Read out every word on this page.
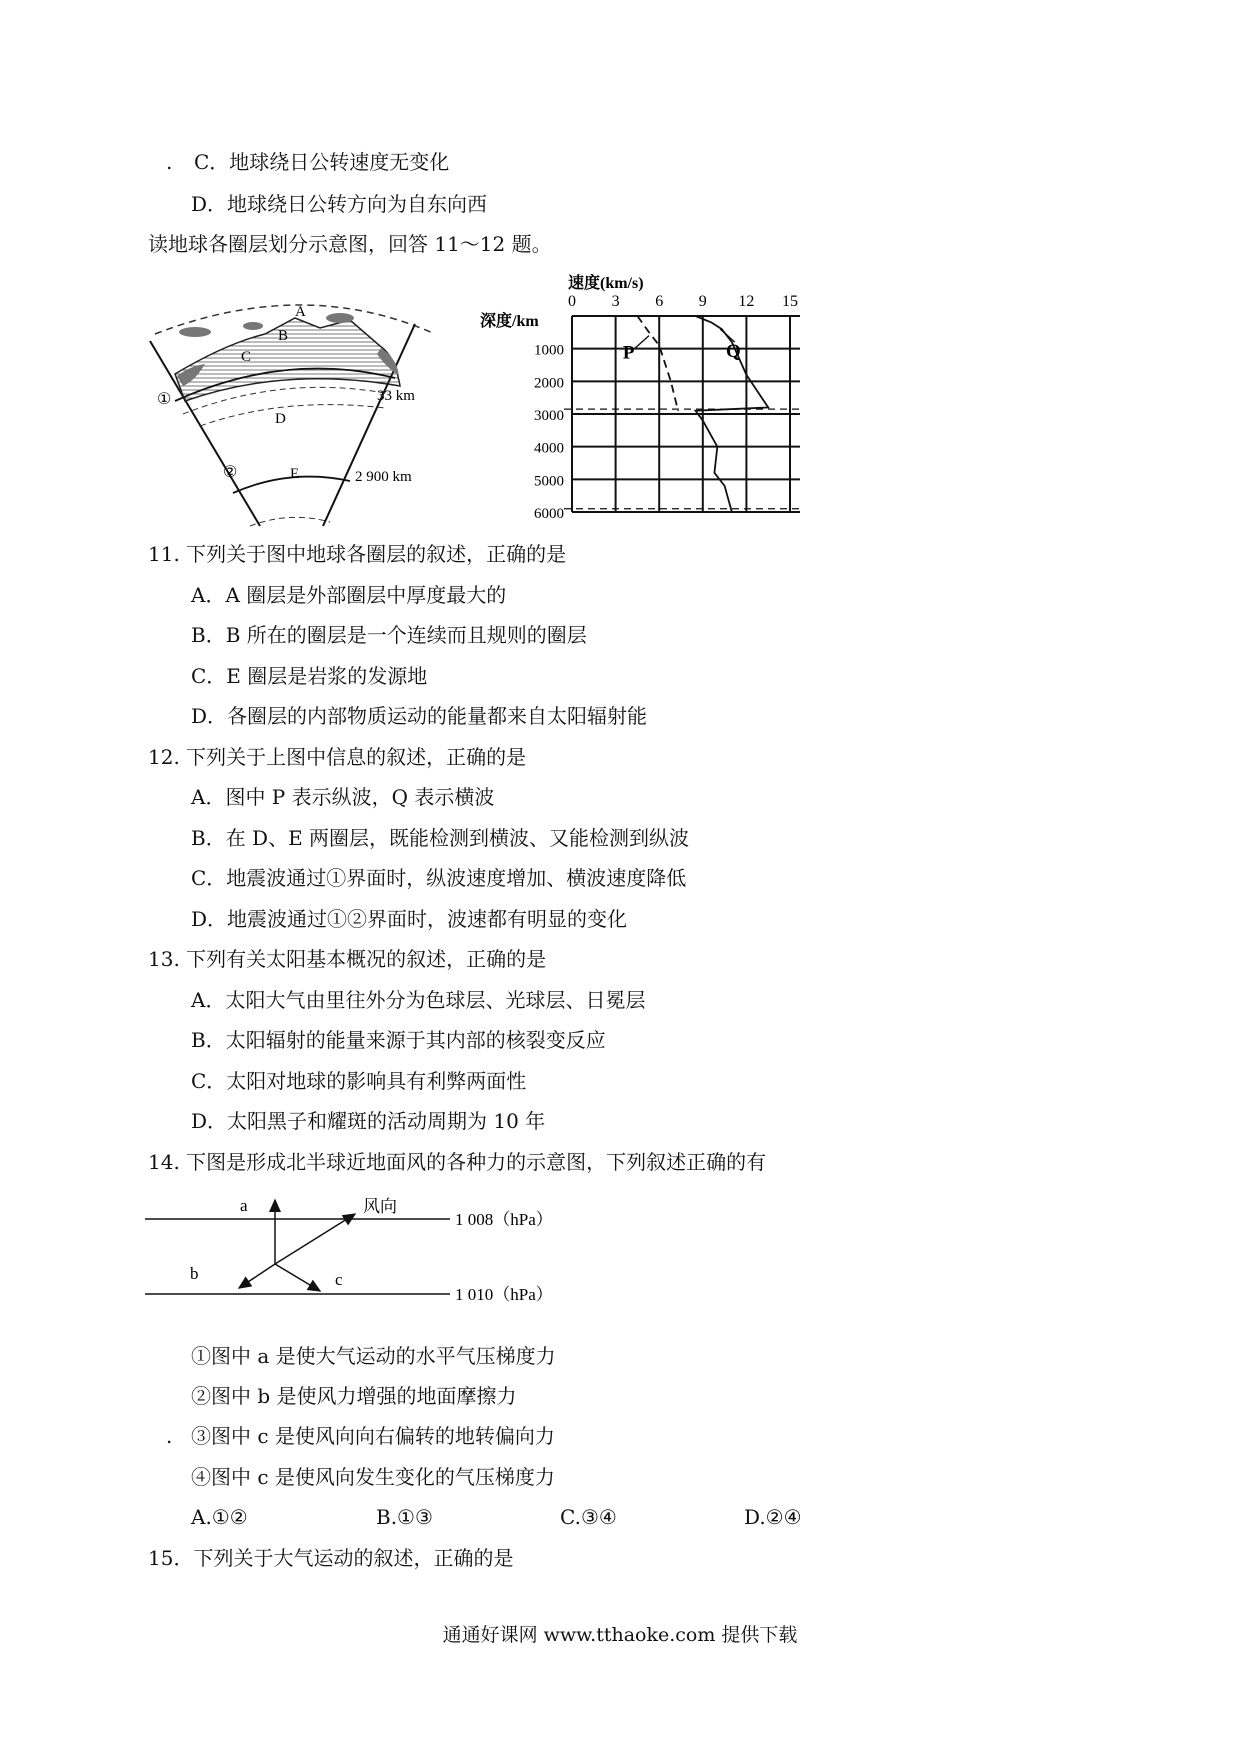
. C．地球绕日公转速度无变化
D．地球绕日公转方向为自东向西
读地球各圈层划分示意图，回答 11～12 题。
A
B
C
D
E
①
②
33 km
2 900 km
速度(km/s)
深度/km
0 3 6 9 12 15
1000
2000
3000
4000
5000
6000
P	Q
11. 下列关于图中地球各圈层的叙述，正确的是
A．A 圈层是外部圈层中厚度最大的
B．B 所在的圈层是一个连续而且规则的圈层
C．E 圈层是岩浆的发源地
D．各圈层的内部物质运动的能量都来自太阳辐射能
12. 下列关于上图中信息的叙述，正确的是
A．图中 P 表示纵波，Q 表示横波
B．在 D、E 两圈层，既能检测到横波、又能检测到纵波
C．地震波通过①界面时，纵波速度增加、横波速度降低
D．地震波通过①②界面时，波速都有明显的变化
13. 下列有关太阳基本概况的叙述，正确的是
A．太阳大气由里往外分为色球层、光球层、日冕层
B．太阳辐射的能量来源于其内部的核裂变反应
C．太阳对地球的影响具有利弊两面性
D．太阳黑子和耀斑的活动周期为 10 年
14. 下图是形成北半球近地面风的各种力的示意图，下列叙述正确的有
a
b	c
风向
1 008（hPa）
1 010（hPa）
①图中 a 是使大气运动的水平气压梯度力
②图中 b 是使风力增强的地面摩擦力
. ③图中 c 是使风向向右偏转的地转偏向力
④图中 c 是使风向发生变化的气压梯度力
A.①②	B.①③	C.③④	D.②④
15．下列关于大气运动的叙述，正确的是
通通好课网 www.tthaoke.com 提供下载
